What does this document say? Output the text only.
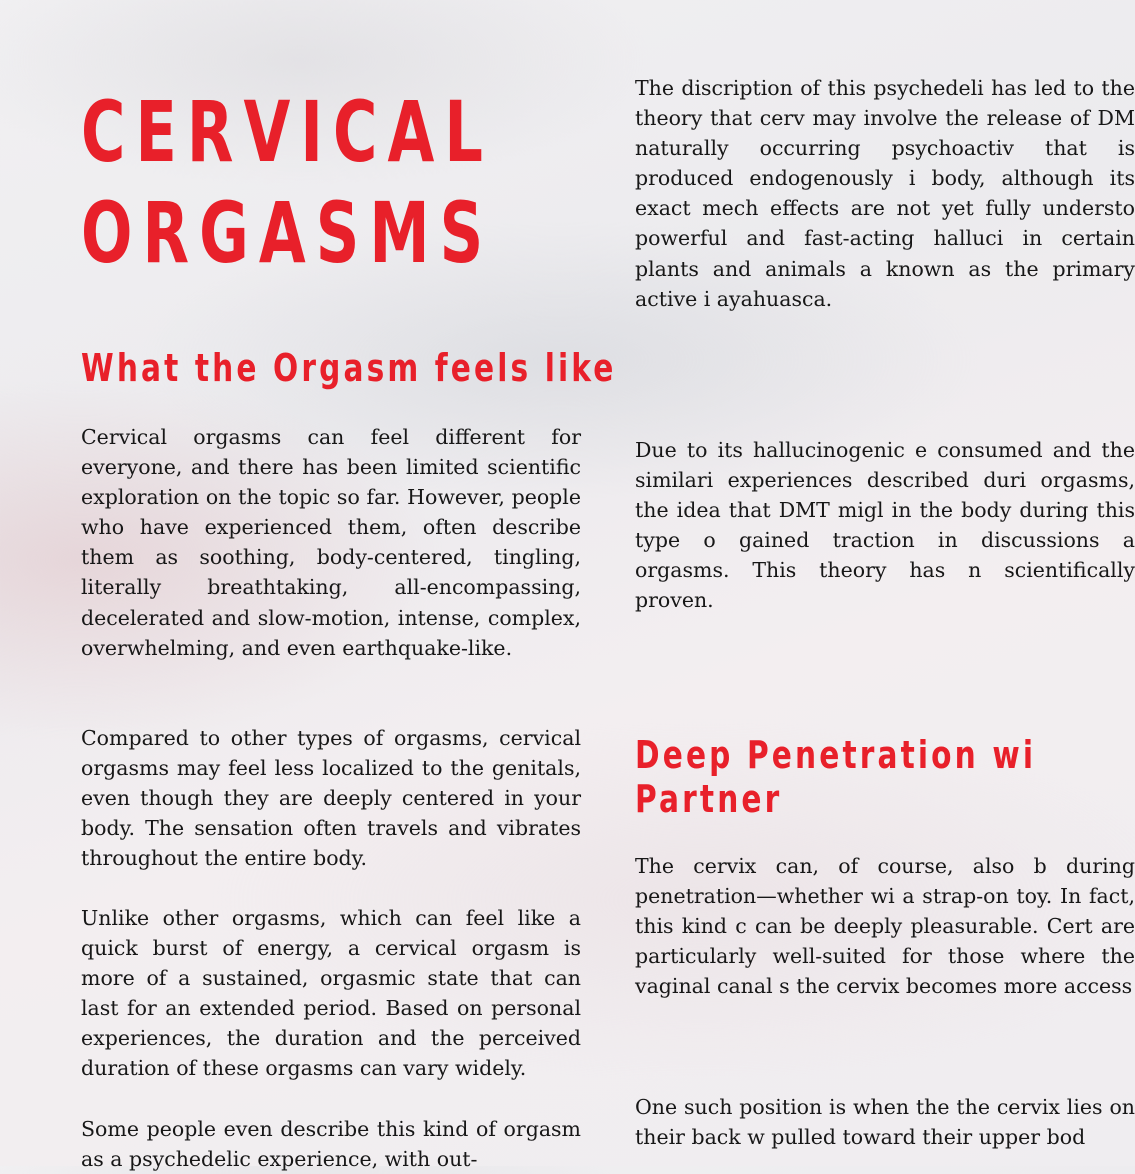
CERVICAL
ORGASMS
What the Orgasm feels like

Cervical orgasms can feel different for everyone, and there has been limited scientific exploration on the topic so far. However, people who have experienced them, often describe them as soothing, body-centered, tingling, literally breathtaking, all-encompassing, decelerated and slow-motion, intense, complex, overwhelming, and even earthquake-like.

Compared to other types of orgasms, cervical orgasms may feel less localized to the genitals, even though they are deeply centered in your body. The sensation often travels and vibrates throughout the entire body.

Unlike other orgasms, which can feel like a quick burst of energy, a cervical orgasm is more of a sustained, orgasmic state that can last for an extended period. Based on personal experiences, the duration and the perceived duration of these orgasms can vary widely.

Some people even describe this kind of orgasm as a psychedelic experience, with out-

The discription of this psychedeli has led to the theory that cerv may involve the release of DM naturally occurring psychoactiv that is produced endogenously i body, although its exact mech effects are not yet fully understo powerful and fast-acting halluci in certain plants and animals a known as the primary active i ayahuasca.

Due to its hallucinogenic e consumed and the similari experiences described duri orgasms, the idea that DMT migl in the body during this type o gained traction in discussions a orgasms. This theory has n scientifically proven.

Deep Penetration wi
Partner

The cervix can, of course, also b during penetration—whether wi a strap-on toy. In fact, this kind c can be deeply pleasurable. Cert are particularly well-suited for those where the vaginal canal s the cervix becomes more access

One such position is when the the cervix lies on their back w pulled toward their upper bod
